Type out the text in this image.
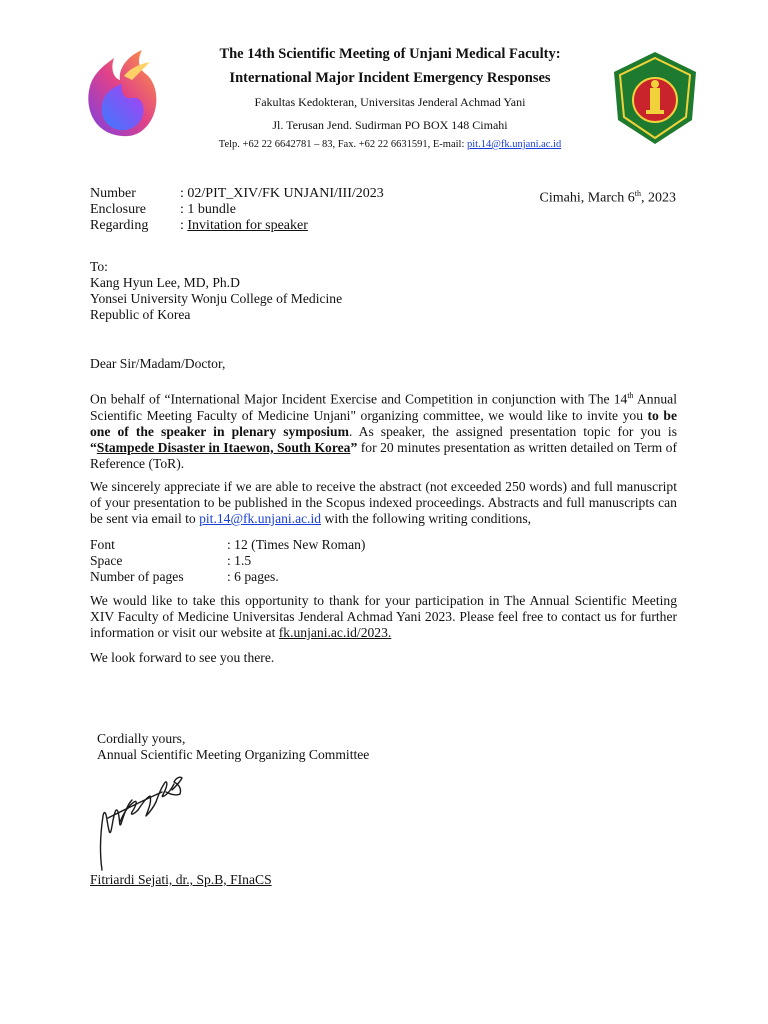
The 14th Scientific Meeting of Unjani Medical Faculty:
International Major Incident Emergency Responses
Fakultas Kedokteran, Universitas Jenderal Achmad Yani
Jl. Terusan Jend. Sudirman PO BOX 148 Cimahi
Telp. +62 22 6642781 – 83, Fax. +62 22 6631591, E-mail: pit.14@fk.unjani.ac.id
Number	: 02/PIT_XIV/FK UNJANI/III/2023
Enclosure : 1 bundle
Regarding : Invitation for speaker
Cimahi, March 6th, 2023
To:
Kang Hyun Lee, MD, Ph.D
Yonsei University Wonju College of Medicine
Republic of Korea
Dear Sir/Madam/Doctor,
On behalf of “International Major Incident Exercise and Competition in conjunction with The 14th Annual Scientific Meeting Faculty of Medicine Unjani" organizing committee, we would like to invite you to be one of the speaker in plenary symposium. As speaker, the assigned presentation topic for you is “Stampede Disaster in Itaewon, South Korea” for 20 minutes presentation as written detailed on Term of Reference (ToR).
We sincerely appreciate if we are able to receive the abstract (not exceeded 250 words) and full manuscript of your presentation to be published in the Scopus indexed proceedings. Abstracts and full manuscripts can be sent via email to pit.14@fk.unjani.ac.id with the following writing conditions,
Font	: 12 (Times New Roman)
Space	: 1.5
Number of pages	: 6 pages.
We would like to take this opportunity to thank for your participation in The Annual Scientific Meeting XIV Faculty of Medicine Universitas Jenderal Achmad Yani 2023. Please feel free to contact us for further information or visit our website at fk.unjani.ac.id/2023.
We look forward to see you there.
Cordially yours,
Annual Scientific Meeting Organizing Committee
Fitriardi Sejati, dr., Sp.B, FInaCS
